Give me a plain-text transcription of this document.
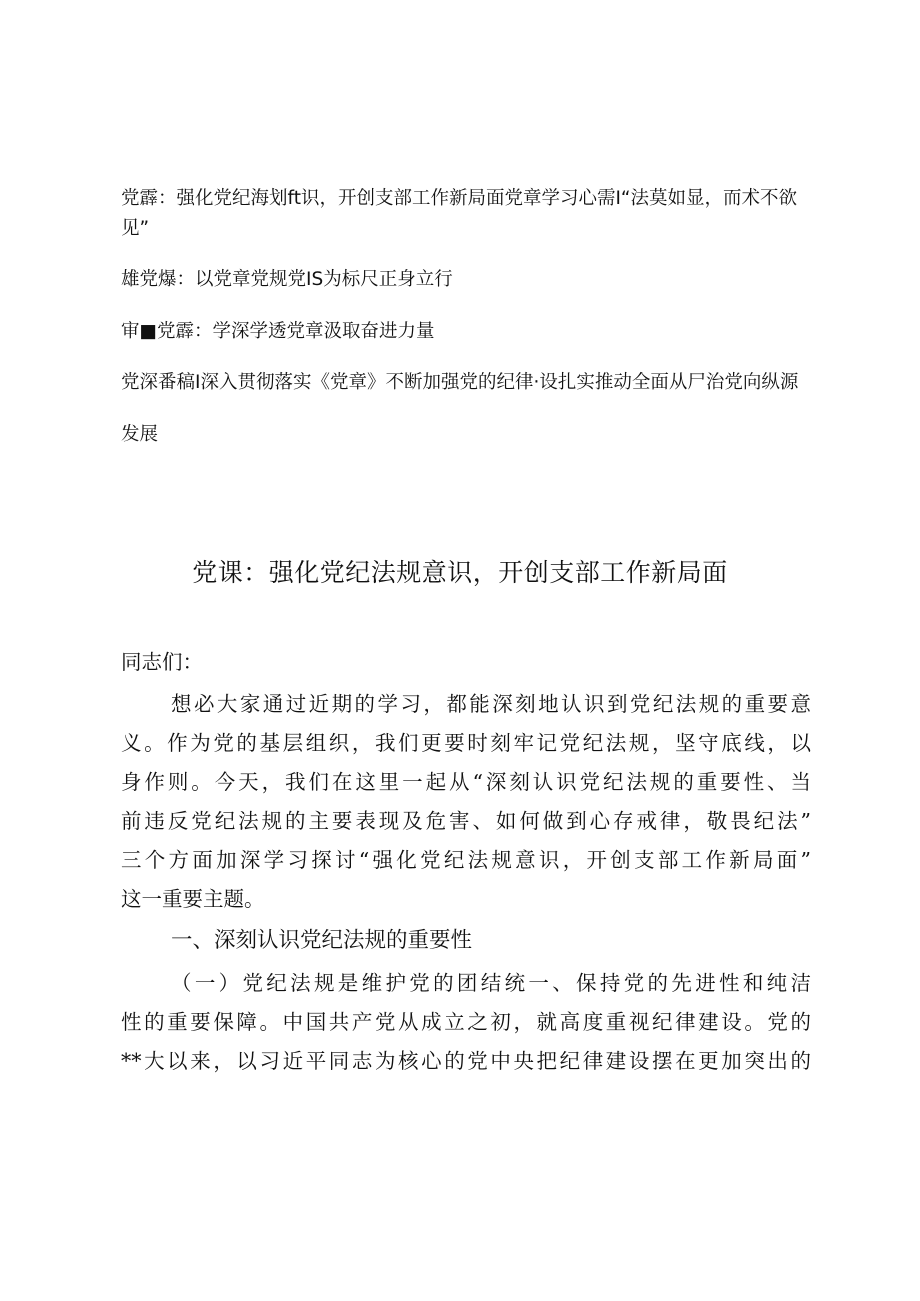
党霹：强化党纪海划ft识，开创支部工作新局面党章学习心需I“法莫如显，而术不欲
见”
雄党爆：以党章党规党IS为标尺正身立行
审■党霹：学深学透党章汲取奋进力量
党深番稿I深入贯彻落实《党章》不断加强党的纪律·设扎实推动全面从尸治党向纵源
发展
党课：强化党纪法规意识，开创支部工作新局面
同志们：
想必大家通过近期的学习，都能深刻地认识到党纪法规的重要意
义。作为党的基层组织，我们更要时刻牢记党纪法规，坚守底线，以
身作则。今天，我们在这里一起从“深刻认识党纪法规的重要性、当
前违反党纪法规的主要表现及危害、如何做到心存戒律，敬畏纪法”
三个方面加深学习探讨“强化党纪法规意识，开创支部工作新局面”
这一重要主题。
一、深刻认识党纪法规的重要性
（一）党纪法规是维护党的团结统一、保持党的先进性和纯洁
性的重要保障。中国共产党从成立之初，就高度重视纪律建设。党的
**大以来，以习近平同志为核心的党中央把纪律建设摆在更加突出的
